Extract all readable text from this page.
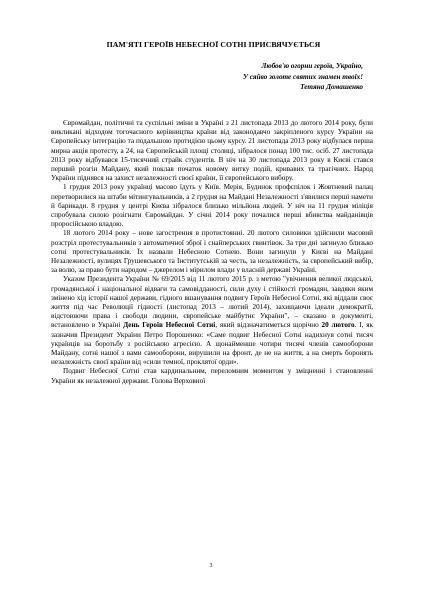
ПАМ'ЯТІ ГЕРОЇВ НЕБЕСНОЇ СОТНІ ПРИСВЯЧУЄТЬСЯ
Любов'ю огорни героїв, Україно,
У сяйво золоте святих знамен твоїх!
Тетяна Домашенко

Євромайдан, політичні та суспільні зміни в Україні з 21 листопада 2013 до лютого 2014 року, були викликані відходом тогочасного керівництва країни від законодавчо закріпленого курсу України на Європейську інтеграцію та подальшою протидією цьому курсу. 21 листопада 2013 року відбулася перша мирна акція протесту, а 24, на Європейській площі столиці, зібралося понад 100 тис. осіб. 27 листопада 2013 року відбувався 15-тисячний страйк студентів. В ніч на 30 листопада 2013 року в Києві стався перший розгін Майдану, який поклав початок новому витку подій, кривавих та трагічних. Народ України піднявся на захист незалежності своєї країни, її європейського вибору.

1 грудня 2013 року українці масово їдуть у Київ. Мерія, Будинок профспілок і Жовтневий палац перетворилися на штаби мітингувальників, а 2 грудня на Майдані Незалежності з'явилися перші намети й барикади. 8 грудня у центрі Києва зібралося близько мільйона людей. У ніч на 11 грудня міліція спробувала силою розігнати Євромайдан. У січні 2014 року почалися перші вбивства майданівців проросійською владою.

18 лютого 2014 року – нове загострення в протистоянні. 20 лютого силовики здійснили масовий розстріл протестувальників з автоматичної зброї і снайперських гвинтівок. За три дні загинуло близько сотні протестувальників. Їх назвали Небесною Сотнею. Вони загинули у Києві на Майдані Незалежності, вулицях Грушевського та Інститутській за честь, за незалежність, за європейський вибір, за волю, за право бути народом – джерелом і мірилом влади у власній державі Україні.

Указом Президента України № 69/2015 від 11 лютого 2015 р. з метою "увічнення великої людської, громадянської і національної відваги та самовідданості, сили духу і стійкості громадян, завдяки яким змінено хід історії нашої держави, гідного вшанування подвигу Героїв Небесної Сотні, які віддали своє життя під час Революції гідності (листопад 2013 – лютий 2014), захищаючи ідеали демократії, відстоюючи права і свободи людини, європейське майбутнє України", – сказано в документі, встановлено в Україні День Героїв Небесної Сотні, який відзначатиметься щорічно 20 лютого. І, як зазначив Президент України Петро Порошенко: «Саме подвиг Небесної Сотні надихнув сотні тисяч українців на боротьбу з російською агресією. А щонайменше чотири тисячі членів самооборони Майдану, сотні нашої з вами самооборони, вирушили на фронт, де не на життя, а на смерть боронять незалежність своєї країни від «сили темної, проклятої орди».

Подвиг Небесної Сотні став кардинальним, переломним моментом у зміцненні і становленні України як незалежної держави. Голова Верховної

3
